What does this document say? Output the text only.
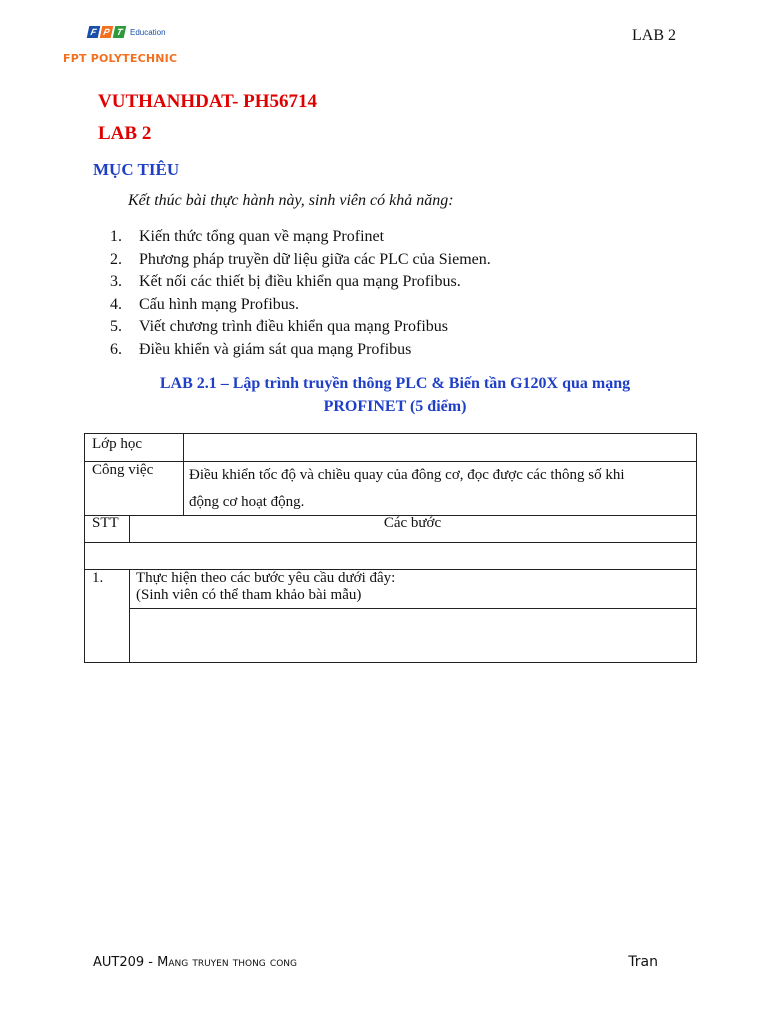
F P T Education
FPT POLYTECHNIC
LAB 2
VUTHANHDAT- PH56714
LAB 2
MỤC TIÊU
Kết thúc bài thực hành này, sinh viên có khả năng:
1. Kiến thức tổng quan về mạng Profinet
2. Phương pháp truyền dữ liệu giữa các PLC của Siemen.
3. Kết nối các thiết bị điều khiển qua mạng Profibus.
4. Cấu hình mạng Profibus.
5. Viết chương trình điều khiển qua mạng Profibus
6. Điều khiển và giám sát qua mạng Profibus
LAB 2.1 – Lập trình truyền thông PLC & Biến tần G120X qua mạng
PROFINET (5 điểm)
Lớp học
Công việc	Điều khiển tốc độ và chiều quay của đông cơ, đọc được các thông số khi
động cơ hoạt động.
STT	Các bước
1.	Thực hiện theo các bước yêu cầu dưới đây:
(Sinh viên có thể tham khảo bài mẫu)
AUT209 - Mang truyen thong cong	Tran
